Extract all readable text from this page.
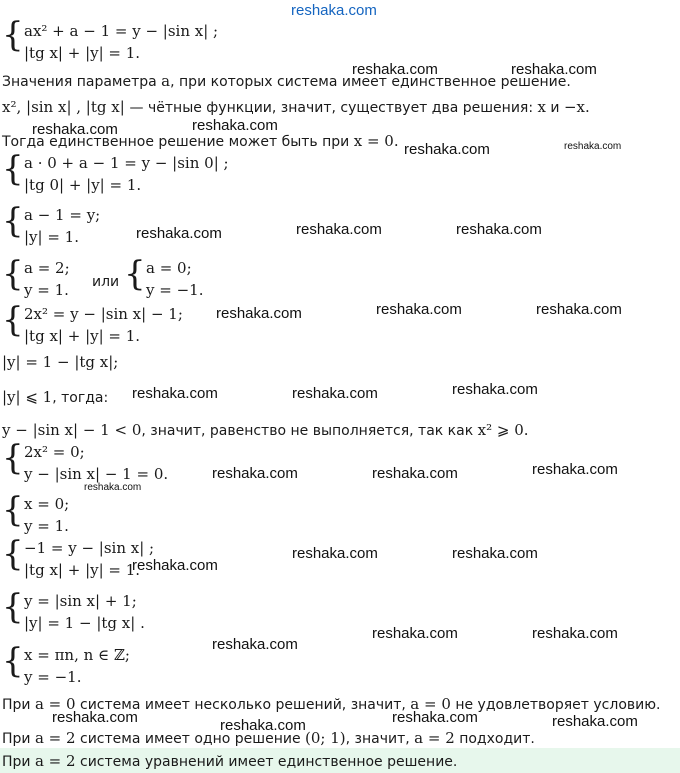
reshaka.com
{ ax² + a − 1 = y − |sin x| ;
|tg x| + |y| = 1.
Значения параметра a, при которых система имеет единственное решение.
reshaka.com	reshaka.com
x², |sin x| , |tg x| — чётные функции, значит, существует два решения: x и −x.
reshaka.com	reshaka.com
Тогда единственное решение может быть при x = 0. reshaka.com	reshaka.com
{ a · 0 + a − 1 = y − |sin 0| ;
|tg 0| + |y| = 1.
{ a − 1 = y;
|y| = 1.	reshaka.com	reshaka.com	reshaka.com
{ a = 2;
y = 1. или { a = 0;
y = −1.
{ 2x² = y − |sin x| − 1;
|tg x| + |y| = 1.
reshaka.com	reshaka.com	reshaka.com
|y| = 1 − |tg x|;
|y| ⩽ 1, тогда: reshaka.com	reshaka.com	reshaka.com
y − |sin x| − 1 < 0, значит, равенство не выполняется, так как x² ⩾ 0.
{ 2x² = 0;
y − |sin x| − 1 = 0.
reshaka.com
reshaka.com	reshaka.com	reshaka.com
{ x = 0;
y = 1.
{ −1 = y − |sin x| ;
|tg x| + |y| = 1.
reshaka.com	reshaka.com
reshaka.com
{ y = |sin x| + 1;
|y| = 1 − |tg x| .
reshaka.com	reshaka.com
{ x = πn, n ∈ ℤ;
y = −1.
reshaka.com
При a = 0 система имеет несколько решений, значит, a = 0 не удовлетворяет условию.
reshaka.com	reshaka.com	reshaka.com	reshaka.com
При a = 2 система имеет одно решение (0; 1), значит, a = 2 подходит.
При a = 2 система уравнений имеет единственное решение.
